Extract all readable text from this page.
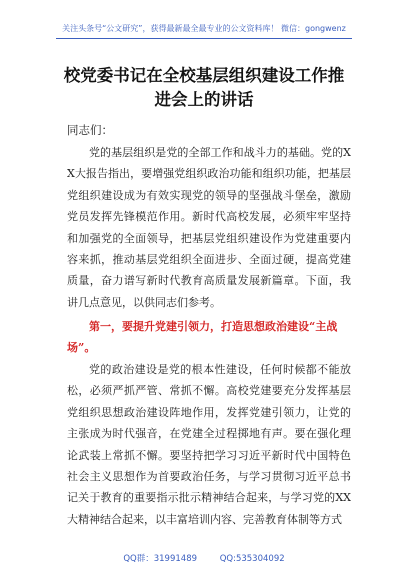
关注头条号“公文研究”，获得最新最全最专业的公文资料库！ 微信：gongwenz
校党委书记在全校基层组织建设工作推进会上的讲话
同志们：

党的基层组织是党的全部工作和战斗力的基础。党的XX大报告指出，要增强党组织政治功能和组织功能，把基层党组织建设成为有效实现党的领导的坚强战斗堡垒，激励党员发挥先锋模范作用。新时代高校发展，必须牢牢坚持和加强党的全面领导，把基层党组织建设作为党建重要内容来抓，推动基层党组织全面进步、全面过硬，提高党建质量，奋力谱写新时代教育高质量发展新篇章。下面，我讲几点意见，以供同志们参考。

第一，要提升党建引领力，打造思想政治建设“主战场”。

党的政治建设是党的根本性建设，任何时候都不能放松，必须严抓严管、常抓不懈。高校党建要充分发挥基层党组织思想政治建设阵地作用，发挥党建引领力，让党的主张成为时代强音，在党建全过程掷地有声。要在强化理论武装上常抓不懈。要坚持把学习习近平新时代中国特色社会主义思想作为首要政治任务，与学习贯彻习近平总书记关于教育的重要指示批示精神结合起来，与学习党的XX大精神结合起来，以丰富培训内容、完善教育体制等方式

QQ群：31991489	QQ:535304092
